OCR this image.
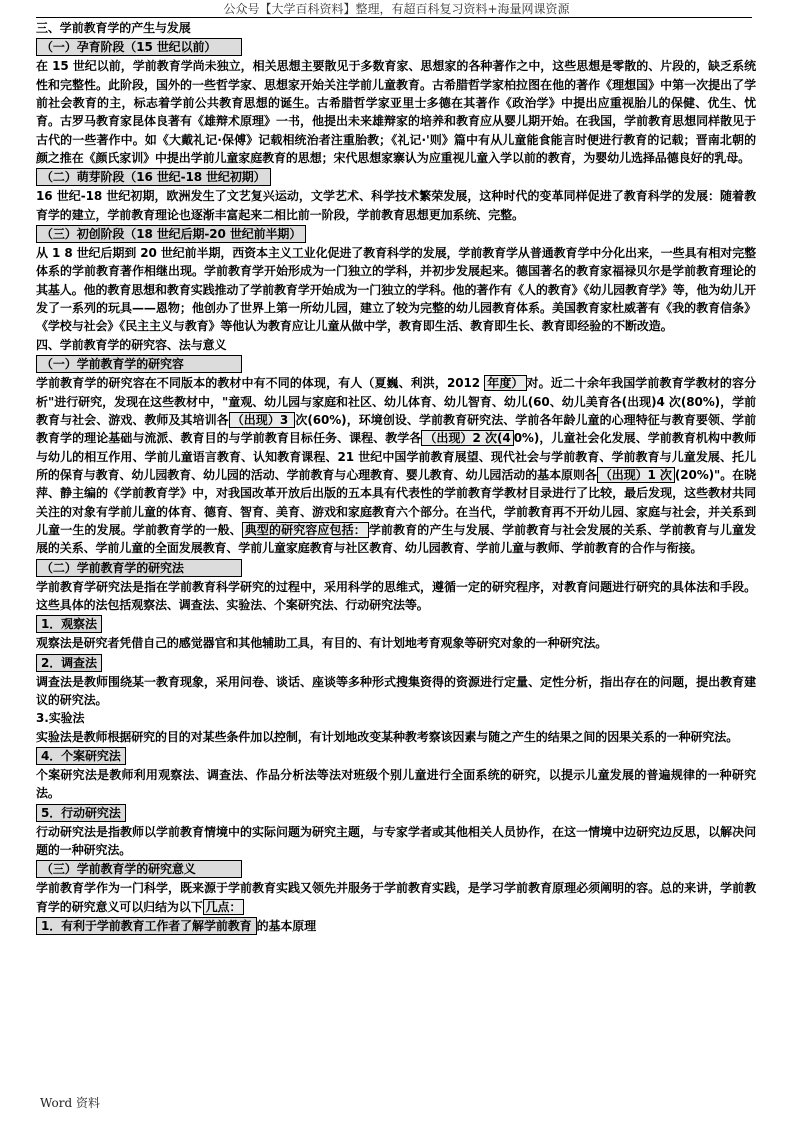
公众号【大学百科资料】整理，有超百科复习资料+海量网课资源

三、学前教育学的产生与发展

（一）孕育阶段（15 世纪以前）

在 15 世纪以前，学前教育学尚未独立，相关思想主要散见于多数育家、思想家的各种著作之中，这些思想是零散的、片段的，缺乏系统性和完整性。此阶段，国外的一些哲学家、思想家开始关注学前儿童教育。古希腊哲学家柏拉图在他的著作《理想国》中第一次提出了学前社会教育的主，标志着学前公共教育思想的诞生。古希腊哲学家亚里士多德在其著作《政治学》中提出应重视胎儿的保健、优生、忧育。古罗马教育家昆体良著有《雄辩术原理》一书，他提出未来雄辩家的培养和教育应从婴儿期开始。在我国，学前教育思想同样散见于古代的一些著作中。如《大戴礼记·保傅》记载相统治者注重胎教；《礼记·'则》篇中有从儿童能食能言时便进行教育的记载；晋南北朝的颜之推在《颜氏家训》中提出学前儿童家庭教育的思想；宋代思想家寨认为应重视儿童入学以前的教育，为婴幼儿选择品德良好的乳母。

（二）萌芽阶段（16 世纪-18 世纪初期）

16 世纪-18 世纪初期，欧洲发生了文艺复兴运动，文学艺术、科学技术繁荣发展，这种时代的变革同样促进了教育科学的发展：随着教育学的建立，学前教育理论也逐渐丰富起来二相比前一阶段，学前教育思想更加系统、完整。

（三）初创阶段（18 世纪后期-20 世纪前半期）

从 1 8 世纪后期到 20 世纪前半期，西资本主义工业化促进了教育科学的发展，学前教育学从普通教育学中分化出来，一些具有相对完整体系的学前教育著作相继出现。学前教育学开始形成为一门独立的学科，并初步发展起来。德国著名的教育家福禄贝尔是学前教育理论的其基人。他的教育思想和教育实践推动了学前教育学开始成为一门独立的学科。他的著作有《人的教育》《幼儿园教育学》等，他为幼儿开发了一系列的玩具——恩物；他创办了世界上第一所幼儿园，建立了较为完整的幼儿园教育体系。美国教育家杜威著有《我的教育信条》《学校与社会》《民主主义与教育》等他认为教育应让儿童从做中学，教育即生活、教育即生长、教育即经验的不断改造。

四、学前教育学的研究容、法与意义

（一）学前教育学的研究容

学前教育学的研究容在不同版本的教材中有不同的体现，有人（夏巍、利洪，2012 年度） 对。近二十余年我国学前教育学教材的容分析"进行研究，发现在这些教材中，"童观、幼儿园与家庭和社区、幼儿体育、幼儿智育、幼儿(60、幼儿美育各(出现)4 次(80%)，学前教育与社会、游戏、教师及其培训各 （出现）3 次(60%)，环境创设、学前教育研究法、学前各年龄儿童的心理特征与教育要领、学前教育学的理论基础与流派、教育目的与学前教育目标任务、课程、教学各 （出现）2 次(4 0%)，儿童社会化发展、学前教育机构中教师与幼儿的相互作用、学前儿童语言教育、认知教育课程、21 世纪中国学前教育展望、现代社会与学前教育、学前教育与儿童发展、托儿所的保育与教育、幼儿园教育、幼儿园的活动、学前教育与心理教育、婴儿教育、幼儿园活动的基本原则各 （出现）1 次 (20%)"。在晓萍、静主编的《学前教育学》中，对我国改革开放后出版的五本具有代表性的学前教育学教材目录进行了比较，最后发现，这些教材共同关注的对象有学前儿童的体育、德育、智育、美育、游戏和家庭教育六个部分。在当代，学前教育再不开幼儿园、家庭与社会，并关系到儿童一生的发展。学前教育学的一般、 典型的研究容应包括： 学前教育的产生与发展、学前教育与社会发展的关系、学前教育与儿童发展的关系、学前儿童的全面发展教育、学前儿童家庭教育与社区教育、幼儿园教育、学前儿童与教师、学前教育的合作与衔接。

（二）学前教育学的研究法

学前教育学研究法是指在学前教育科学研究的过程中，采用科学的思维式，遵循一定的研究程序，对教育问题进行研究的具体法和手段。这些具体的法包括观察法、调查法、实验法、个案研究法、行动研究法等。

1．观察法

观察法是研究者凭借自己的感觉器官和其他辅助工具，有目的、有计划地考育观象等研究对象的一种研究法。

2．调查法

调查法是教师围绕某一教育现象，采用问卷、谈话、座谈等多种形式搜集资得的资源进行定量、定性分析，指出存在的问题，提出教育建议的研究法。

3.实验法

实验法是教师根据研究的目的对某些条件加以控制，有计划地改变某种教考察该因素与随之产生的结果之间的因果关系的一种研究法。

4．个案研究法

个案研究法是教师利用观察法、调查法、作品分析法等法对班级个别儿童进行全面系统的研究，以提示儿童发展的普遍规律的一种研究法。

5．行动研究法

行动研究法是指教师以学前教育情境中的实际问题为研究主题，与专家学者或其他相关人员协作，在这一情境中边研究边反思，以解决问题的一种研究法。

（三）学前教育学的研究意义

学前教育学作为一门科学，既来源于学前教育实践又领先并服务于学前教育实践，是学习学前教育原理必须阐明的容。总的来讲，学前教育学的研究意义可以归结为以下 几点：

1．有利于学前教育工作者了解学前教育 的基本原理

Word 资料
